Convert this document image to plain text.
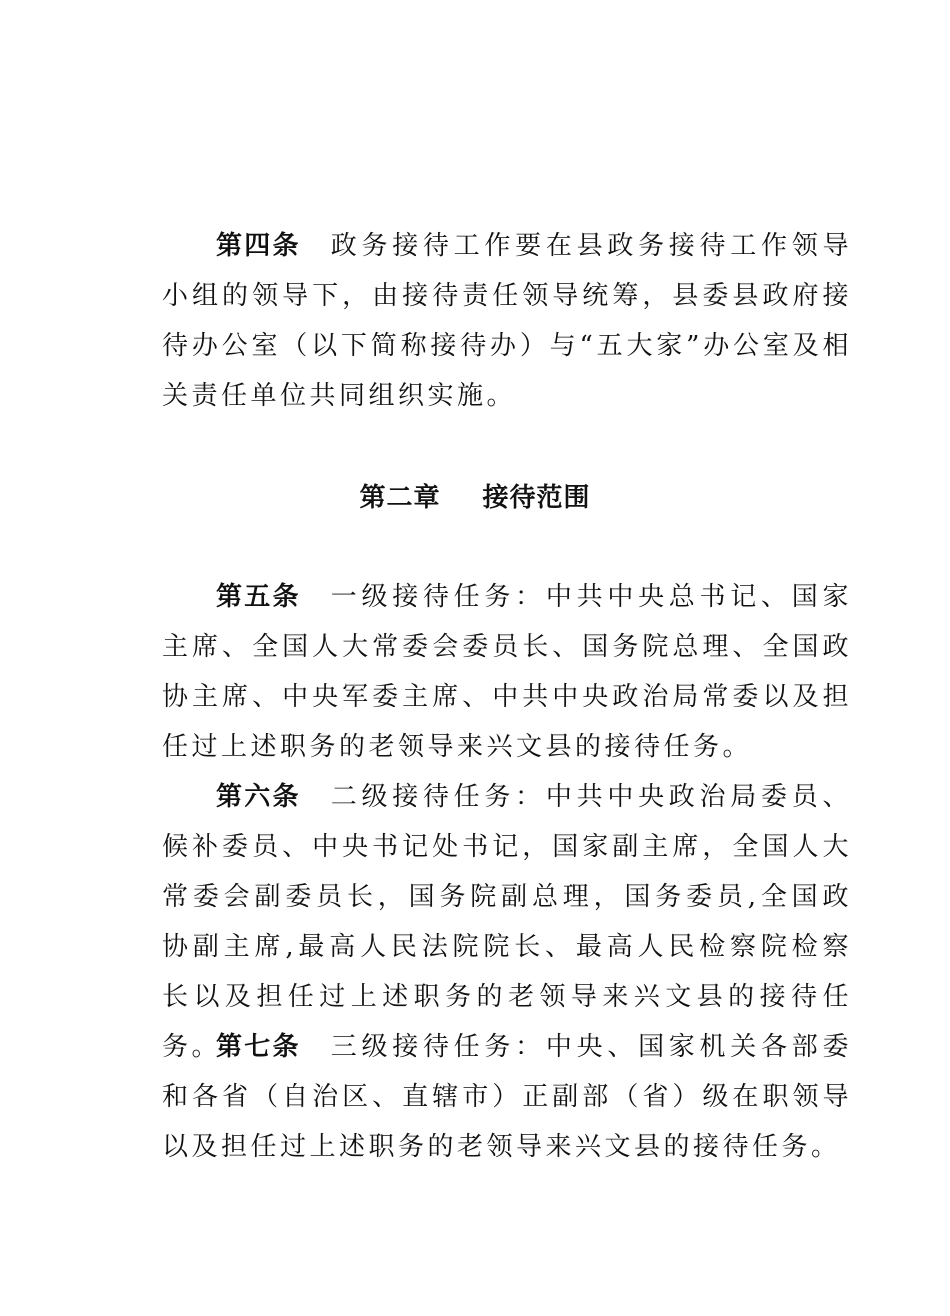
第四条 政务接待工作要在县政务接待工作领导小组的领导下，由接待责任领导统筹，县委县政府接待办公室（以下简称接待办）与“五大家”办公室及相关责任单位共同组织实施。

第二章 接待范围

第五条 一级接待任务：中共中央总书记、国家主席、全国人大常委会委员长、国务院总理、全国政协主席、中央军委主席、中共中央政治局常委以及担任过上述职务的老领导来兴文县的接待任务。

第六条 二级接待任务：中共中央政治局委员、候补委员、中央书记处书记，国家副主席，全国人大常委会副委员长，国务院副总理，国务委员,全国政协副主席,最高人民法院院长、最高人民检察院检察长以及担任过上述职务的老领导来兴文县的接待任务。

第七条 三级接待任务：中央、国家机关各部委和各省（自治区、直辖市）正副部（省）级在职领导以及担任过上述职务的老领导来兴文县的接待任务。
